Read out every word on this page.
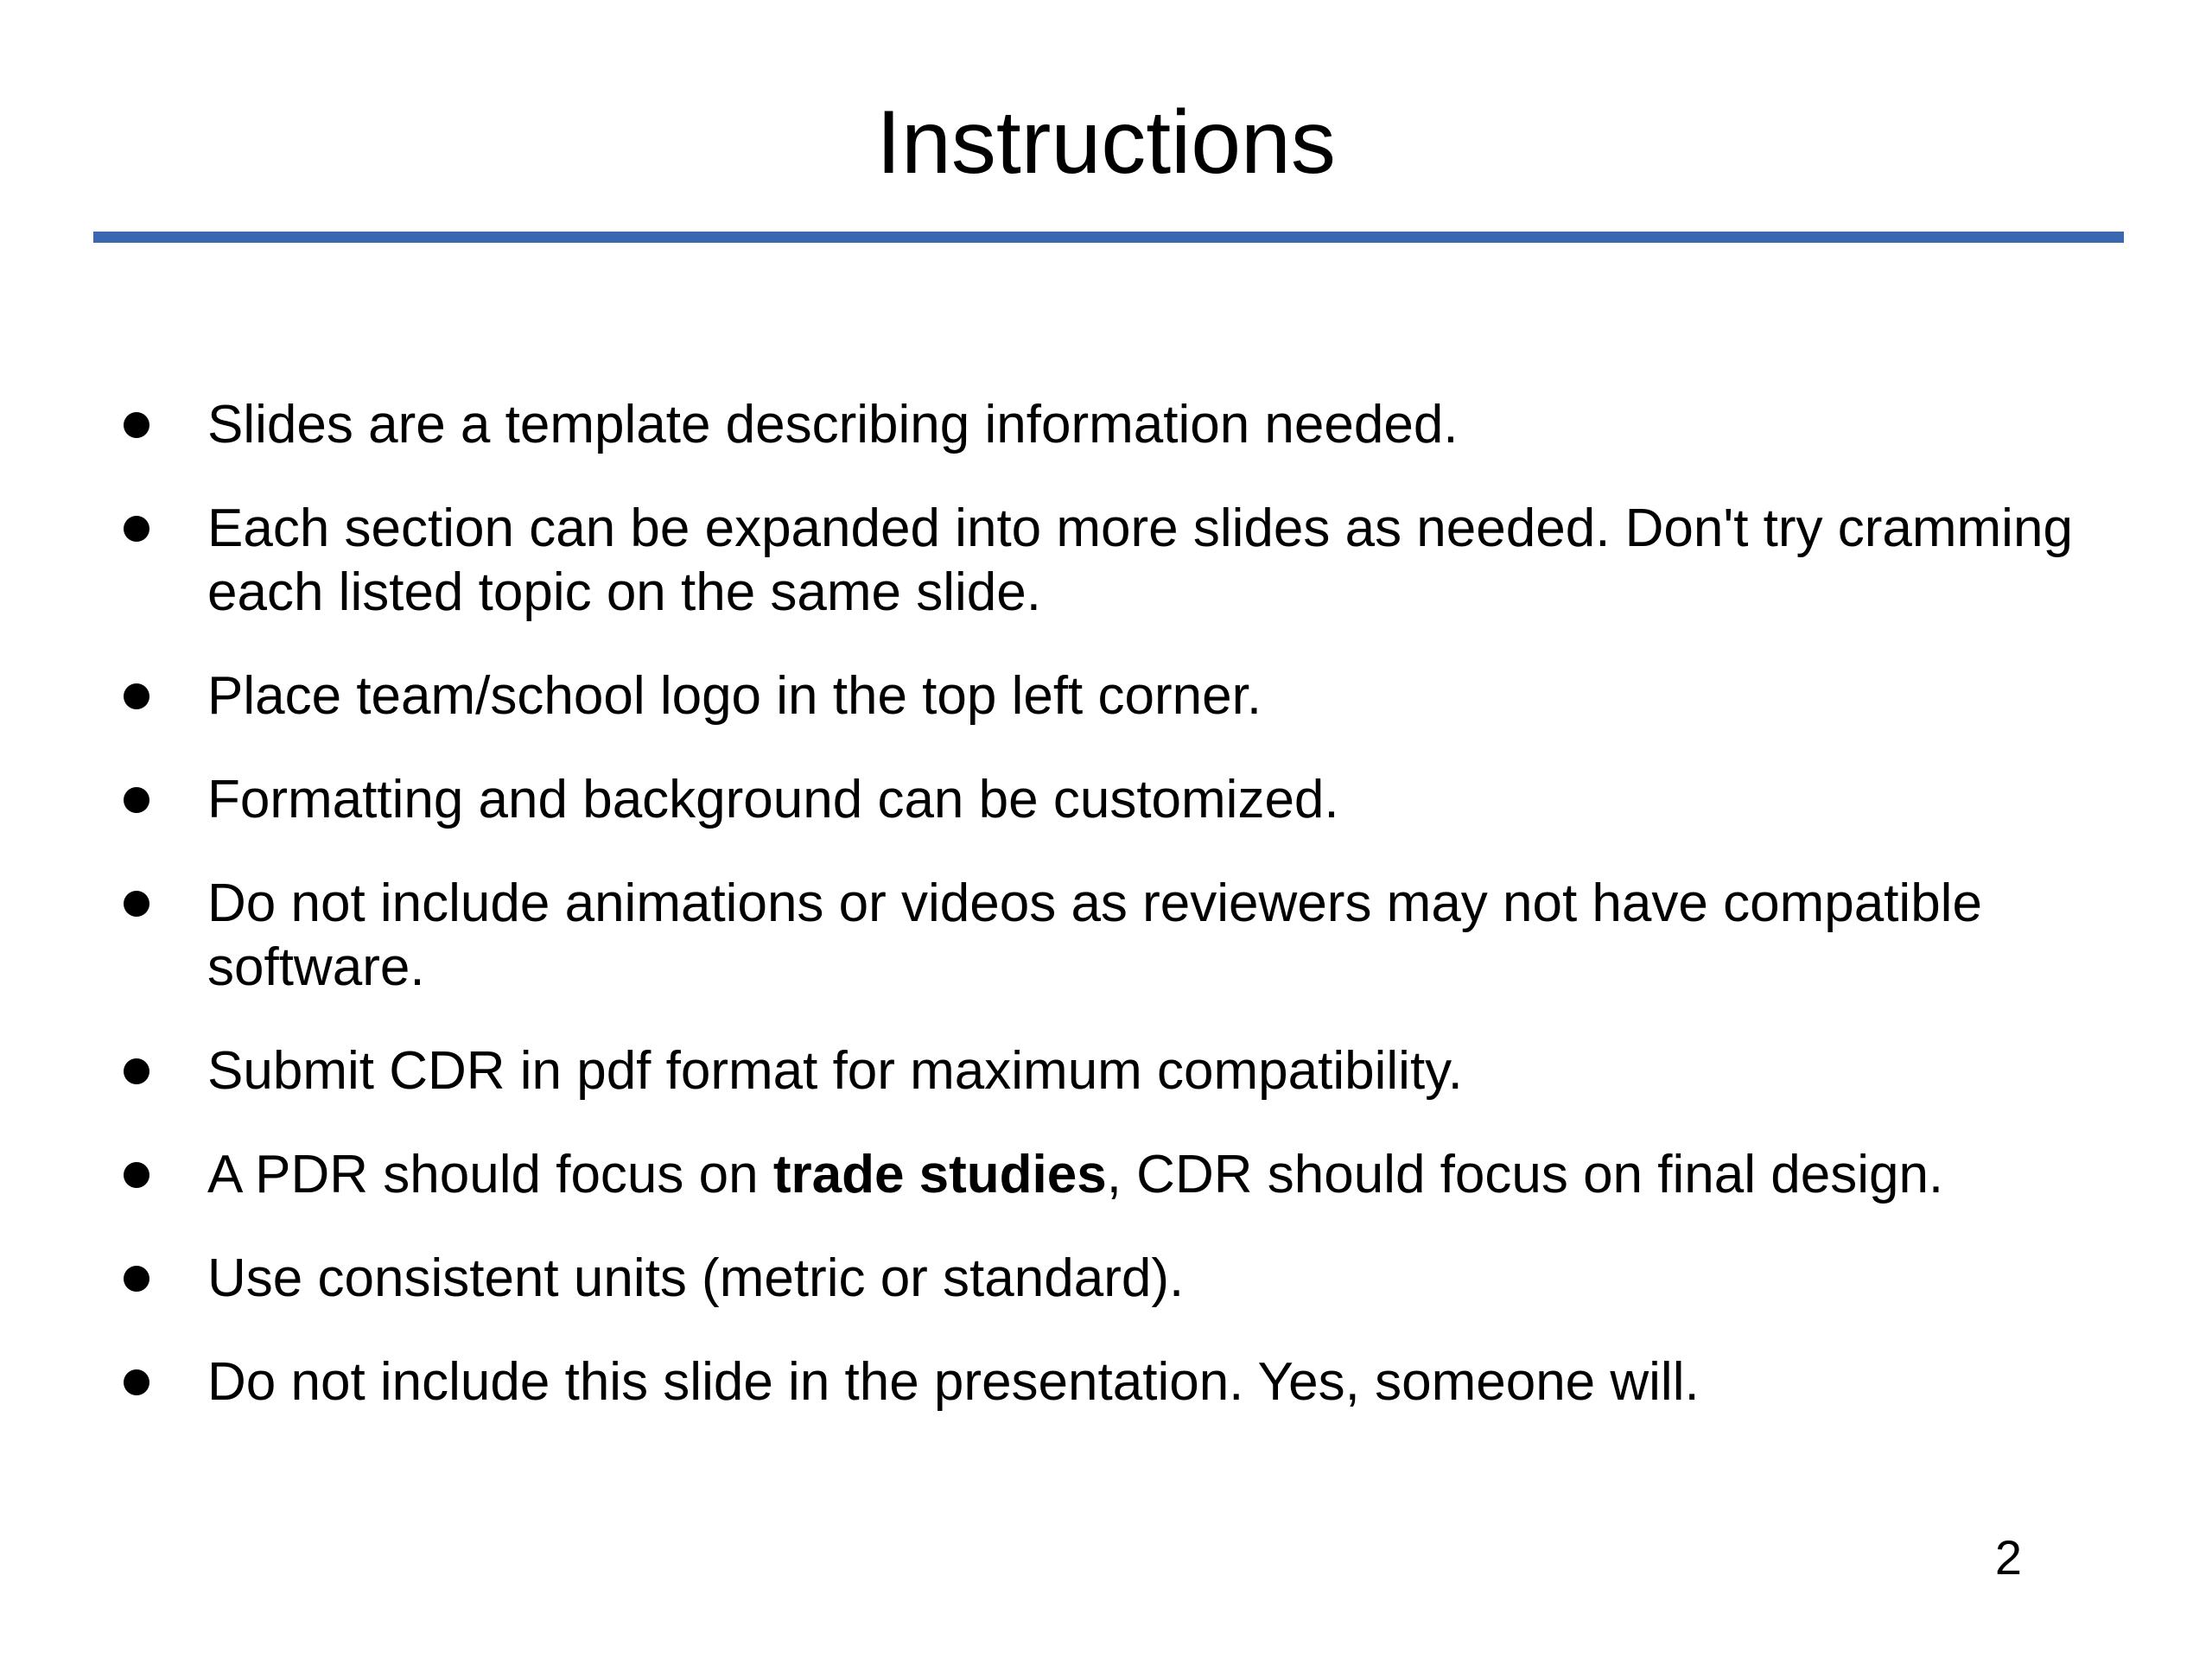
Instructions
Slides are a template describing information needed.
Each section can be expanded into more slides as needed. Don't try cramming each listed topic on the same slide.
Place team/school logo in the top left corner.
Formatting and background can be customized.
Do not include animations or videos as reviewers may not have compatible software.
Submit CDR in pdf format for maximum compatibility.
A PDR should focus on trade studies, CDR should focus on final design.
Use consistent units (metric or standard).
Do not include this slide in the presentation. Yes, someone will.
2
